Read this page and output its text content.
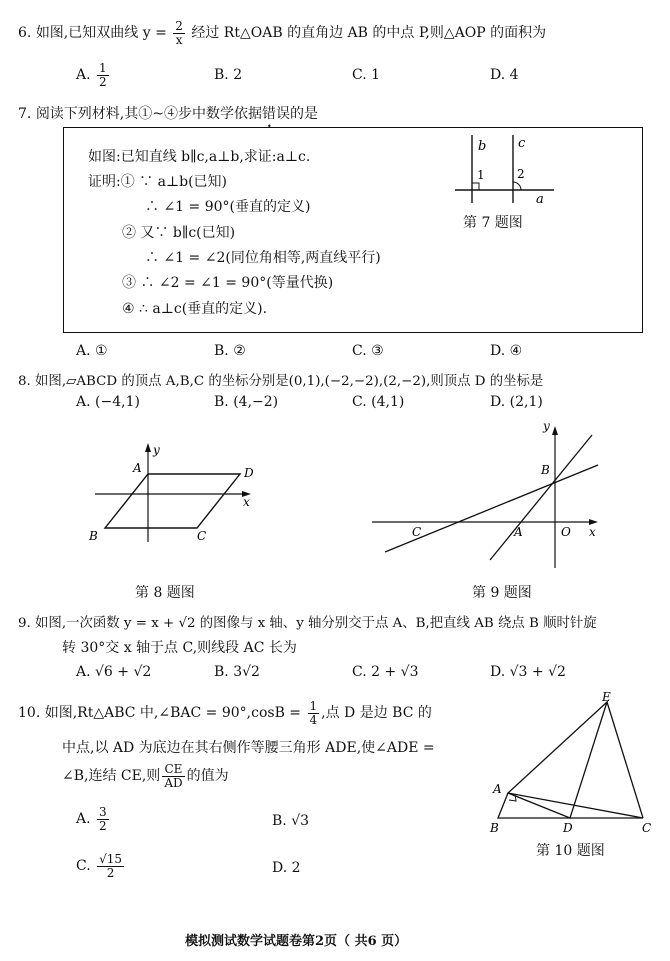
6. 如图,已知双曲线 $y = \frac{2}{x}$ 经过 Rt△OAB 的直角边 AB 的中点 P,则△AOP 的面积为
A. $\frac{1}{2}$	B. 2	C. 1	D. 4
7. 阅读下列材料,其①~④步中数学依据错误的是
如图:已知直线 b∥c,a⊥b,求证:a⊥c.
证明:① ∵ a⊥b(已知)
∴ ∠1 = 90°(垂直的定义)
② 又∵ b∥c(已知)
∴ ∠1 = ∠2(同位角相等,两直线平行)
③ ∴ ∠2 = ∠1 = 90°(等量代换)
④ ∴ a⊥c(垂直的定义).
b c
a
1	2
第 7 题图
A. ①	B. ②	C. ③	D. ④
8. 如图,▱ABCD 的顶点 A,B,C 的坐标分别是(0,1),(−2,−2),(2,−2),则顶点 D 的坐标是
A. (−4,1)	B. (4,−2)	C. (4,1)	D. (2,1)
y
x
A	D
B	C
第 8 题图
y
x
B
C	A	O
第 9 题图
9. 如图,一次函数 y = x + √2 的图像与 x 轴、y 轴分别交于点 A、B,把直线 AB 绕点 B 顺时针旋
转 30°交 x 轴于点 C,则线段 AC 长为
A. √6 + √2	B. 3√2	C. 2 + √3	D. √3 + √2
10. 如图,Rt△ABC 中,∠BAC = $90^\circ,\cos B = \frac{1}{4}$ ,点 D 是边 BC 的
中点,以 AD 为底边在其右侧作等腰三角形 ADE,使∠ADE =
∠B,连结 CE,则 $\frac{CE}{AD}$ 的值为
A. $\frac{3}{2}$	B. √3
C. $\frac{√15}{2}$	D. 2
E
A
B	D	C
第 10 题图
模拟测试数学试题卷第2页（ 共6 页）
